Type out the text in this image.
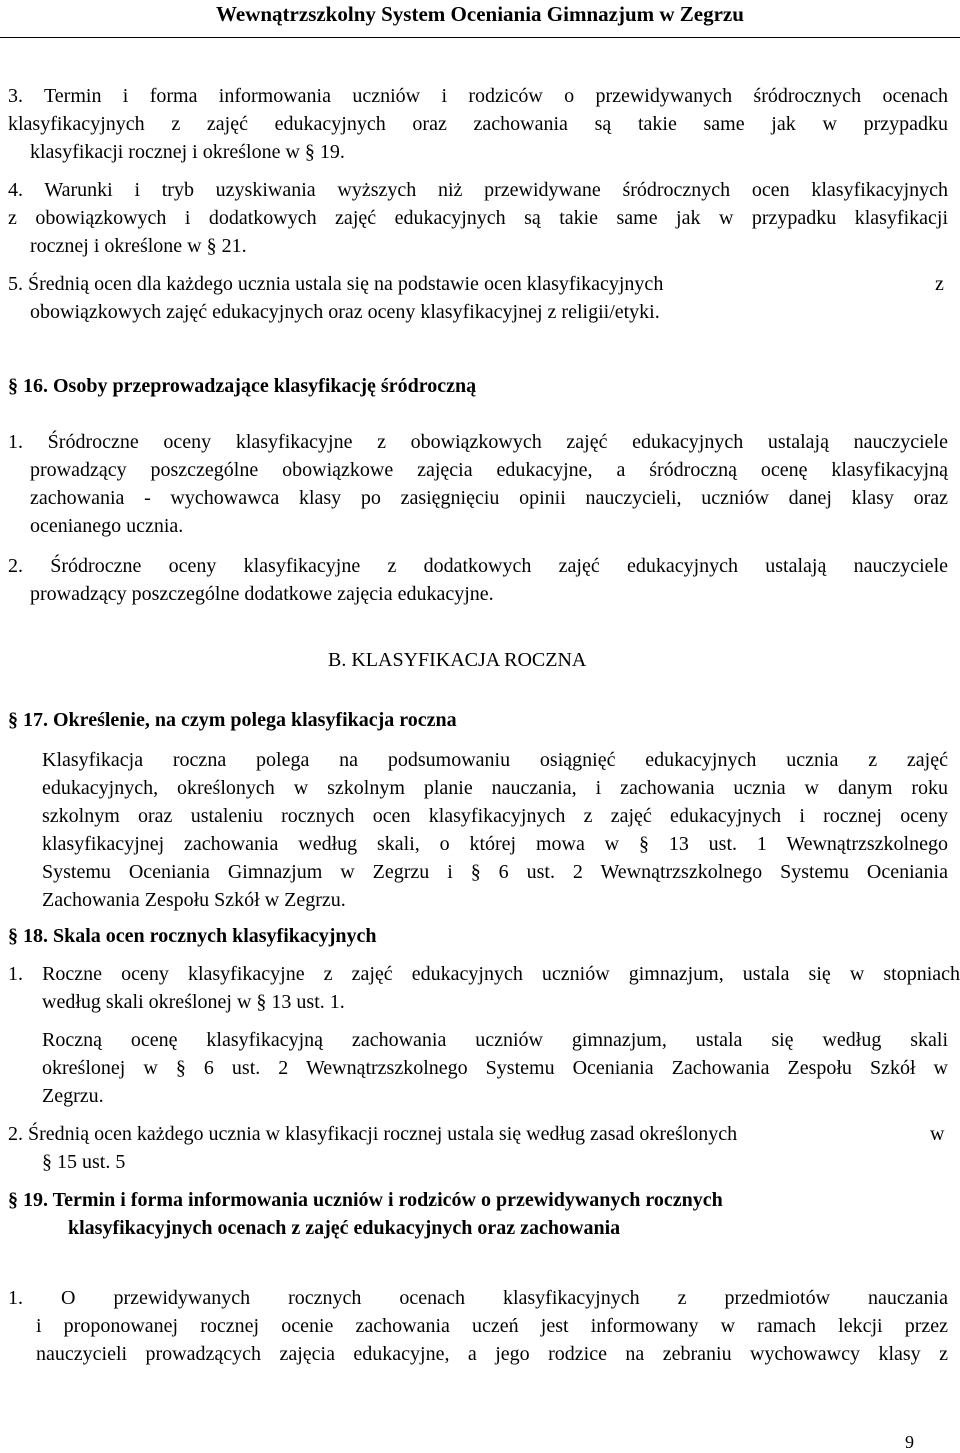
Wewnątrzszkolny System Oceniania Gimnazjum w Zegrzu
3. Termin i forma informowania uczniów i rodziców o przewidywanych śródrocznych ocenach
klasyfikacyjnych z zajęć edukacyjnych oraz zachowania są takie same jak w przypadku
klasyfikacji rocznej i określone w § 19.
4. Warunki i tryb uzyskiwania wyższych niż przewidywane śródrocznych ocen klasyfikacyjnych
z obowiązkowych i dodatkowych zajęć edukacyjnych są takie same jak w przypadku klasyfikacji
rocznej i określone w § 21.
5. Średnią ocen dla każdego ucznia ustala się na podstawie ocen klasyfikacyjnych	z
obowiązkowych zajęć edukacyjnych oraz oceny klasyfikacyjnej z religii/etyki.
§ 16. Osoby przeprowadzające klasyfikację śródroczną
1. Śródroczne oceny klasyfikacyjne z obowiązkowych zajęć edukacyjnych ustalają nauczyciele
prowadzący poszczególne obowiązkowe zajęcia edukacyjne, a śródroczną ocenę klasyfikacyjną
zachowania - wychowawca klasy po zasięgnięciu opinii nauczycieli, uczniów danej klasy oraz
ocenianego ucznia.
2. Śródroczne oceny klasyfikacyjne z dodatkowych zajęć edukacyjnych ustalają nauczyciele
prowadzący poszczególne dodatkowe zajęcia edukacyjne.
B. KLASYFIKACJA ROCZNA
§ 17. Określenie, na czym polega klasyfikacja roczna
Klasyfikacja roczna polega na podsumowaniu osiągnięć edukacyjnych ucznia z zajęć
edukacyjnych, określonych w szkolnym planie nauczania, i zachowania ucznia w danym roku
szkolnym oraz ustaleniu rocznych ocen klasyfikacyjnych z zajęć edukacyjnych i rocznej oceny
klasyfikacyjnej zachowania według skali, o której mowa w § 13 ust. 1 Wewnątrzszkolnego
Systemu Oceniania Gimnazjum w Zegrzu i § 6 ust. 2 Wewnątrzszkolnego Systemu Oceniania
Zachowania Zespołu Szkół w Zegrzu.
§ 18. Skala ocen rocznych klasyfikacyjnych
1. Roczne oceny klasyfikacyjne z zajęć edukacyjnych uczniów gimnazjum, ustala się w stopniach
według skali określonej w § 13 ust. 1.
Roczną ocenę klasyfikacyjną zachowania uczniów gimnazjum, ustala się według skali
określonej w § 6 ust. 2 Wewnątrzszkolnego Systemu Oceniania Zachowania Zespołu Szkół w
Zegrzu.
2. Średnią ocen każdego ucznia w klasyfikacji rocznej ustala się według zasad określonych	w
§ 15 ust. 5
§ 19. Termin i forma informowania uczniów i rodziców o przewidywanych rocznych
klasyfikacyjnych ocenach z zajęć edukacyjnych oraz zachowania
1. O przewidywanych rocznych ocenach klasyfikacyjnych z przedmiotów nauczania
i proponowanej rocznej ocenie zachowania uczeń jest informowany w ramach lekcji przez
nauczycieli prowadzących zajęcia edukacyjne, a jego rodzice na zebraniu wychowawcy klasy z
9
